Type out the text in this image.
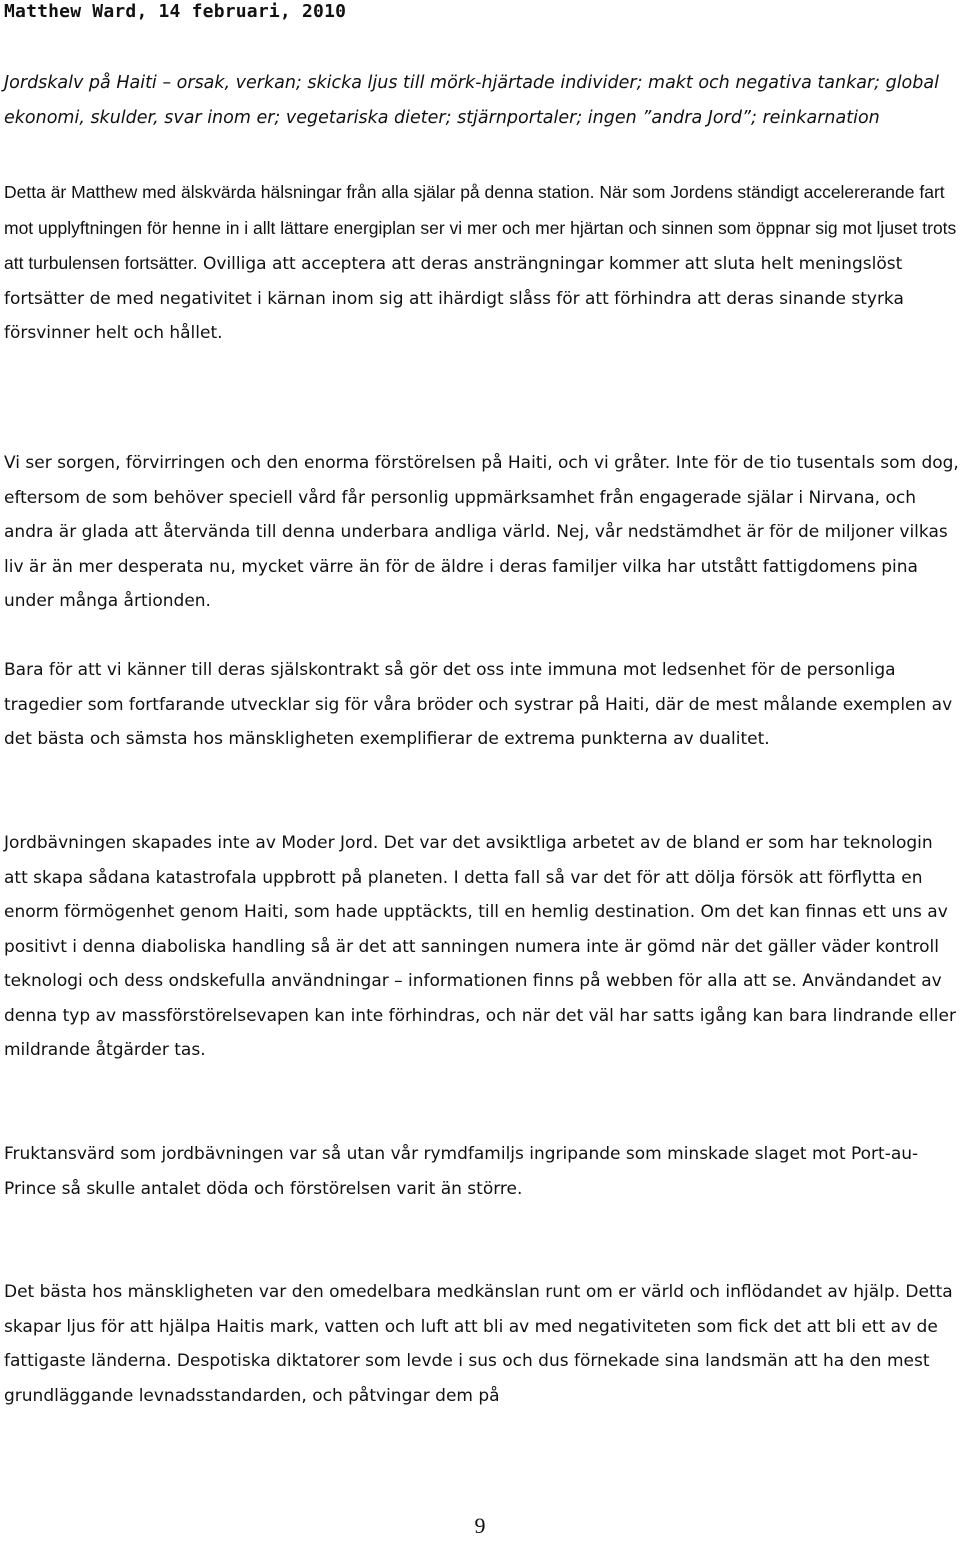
Matthew Ward, 14 februari, 2010
Jordskalv på Haiti – orsak, verkan; skicka ljus till mörk-hjärtade individer; makt och negativa tankar; global ekonomi, skulder, svar inom er; vegetariska dieter; stjärnportaler; ingen ”andra Jord”; reinkarnation
Detta är Matthew med älskvärda hälsningar från alla själar på denna station. När som Jordens ständigt accelererande fart mot upplyftningen för henne in i allt lättare energiplan ser vi mer och mer hjärtan och sinnen som öppnar sig mot ljuset trots att turbulensen fortsätter. Ovilliga att acceptera att deras ansträngningar kommer att sluta helt meningslöst fortsätter de med negativitet i kärnan inom sig att ihärdigt slåss för att förhindra att deras sinande styrka försvinner helt och hållet.
Vi ser sorgen, förvirringen och den enorma förstörelsen på Haiti, och vi gråter. Inte för de tio tusentals som dog, eftersom de som behöver speciell vård får personlig uppmärksamhet från engagerade själar i Nirvana, och andra är glada att återvända till denna underbara andliga värld. Nej, vår nedstämdhet är för de miljoner vilkas liv är än mer desperata nu, mycket värre än för de äldre i deras familjer vilka har utstått fattigdomens pina under många årtionden.
Bara för att vi känner till deras själskontrakt så gör det oss inte immuna mot ledsenhet för de personliga tragedier som fortfarande utvecklar sig för våra bröder och systrar på Haiti, där de mest målande exemplen av det bästa och sämsta hos mänskligheten exemplifierar de extrema punkterna av dualitet.
Jordbävningen skapades inte av Moder Jord. Det var det avsiktliga arbetet av de bland er som har teknologin att skapa sådana katastrofala uppbrott på planeten. I detta fall så var det för att dölja försök att förflytta en enorm förmögenhet genom Haiti, som hade upptäckts, till en hemlig destination. Om det kan finnas ett uns av positivt i denna diaboliska handling så är det att sanningen numera inte är gömd när det gäller väder kontroll teknologi och dess ondskefulla användningar – informationen finns på webben för alla att se. Användandet av denna typ av massförstörelsevapen kan inte förhindras, och när det väl har satts igång kan bara lindrande eller mildrande åtgärder tas.
Fruktansvärd som jordbävningen var så utan vår rymdfamiljs ingripande som minskade slaget mot Port-au-Prince så skulle antalet döda och förstörelsen varit än större.
Det bästa hos mänskligheten var den omedelbara medkänslan runt om er värld och inflödandet av hjälp. Detta skapar ljus för att hjälpa Haitis mark, vatten och luft att bli av med negativiteten som fick det att bli ett av de fattigaste länderna. Despotiska diktatorer som levde i sus och dus förnekade sina landsmän att ha den mest grundläggande levnadsstandarden, och påtvingar dem på
9
